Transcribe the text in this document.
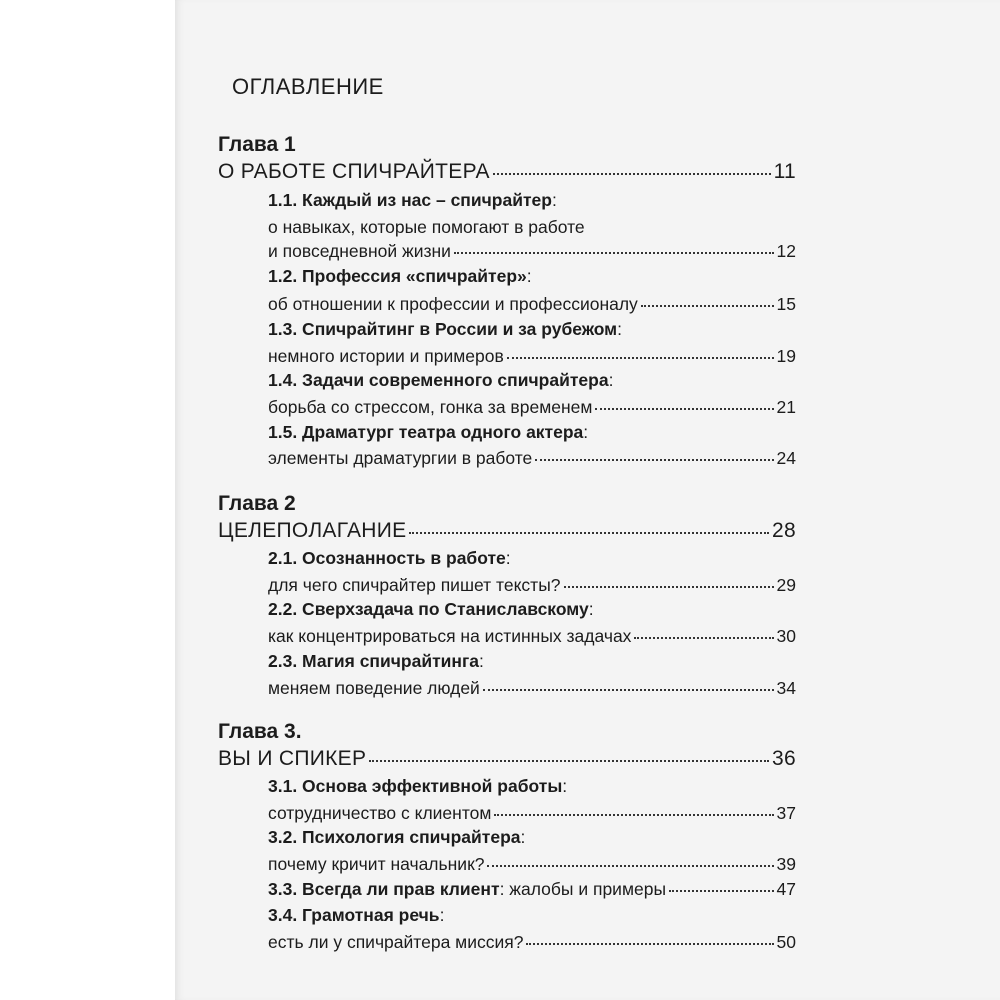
ОГЛАВЛЕНИЕ
Глава 1
О РАБОТЕ СПИЧРАЙТЕРА	11
1.1. Каждый из нас – спичрайтер:
о навыках, которые помогают в работе
и повседневной жизни	12
1.2. Профессия «спичрайтер»:
об отношении к профессии и профессионалу	15
1.3. Спичрайтинг в России и за рубежом:
немного истории и примеров	19
1.4. Задачи современного спичрайтера:
борьба со стрессом, гонка за временем	21
1.5. Драматург театра одного актера:
элементы драматургии в работе	24
Глава 2
ЦЕЛЕПОЛАГАНИЕ	28
2.1. Осознанность в работе:
для чего спичрайтер пишет тексты?	29
2.2. Сверхзадача по Станиславскому:
как концентрироваться на истинных задачах	30
2.3. Магия спичрайтинга:
меняем поведение людей	34
Глава 3.
ВЫ И СПИКЕР	36
3.1. Основа эффективной работы:
сотрудничество с клиентом	37
3.2. Психология спичрайтера:
почему кричит начальник?	39
3.3. Всегда ли прав клиент: жалобы и примеры	47
3.4. Грамотная речь:
есть ли у спичрайтера миссия?	50
